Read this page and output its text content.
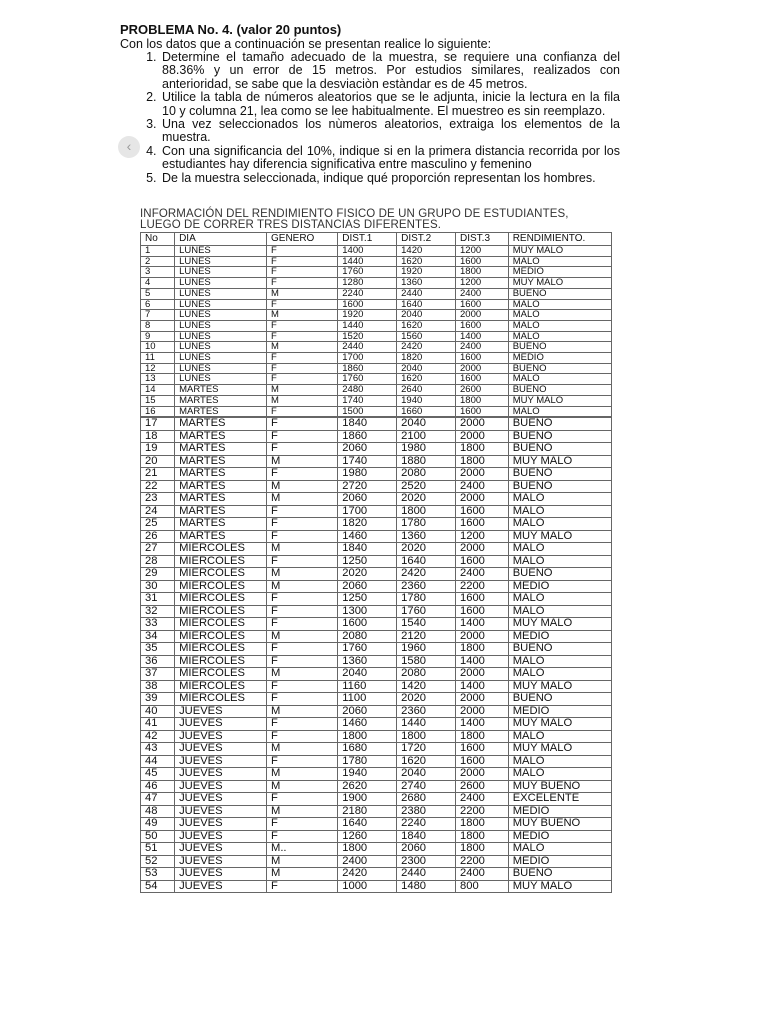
PROBLEMA No. 4. (valor 20 puntos)
Con los datos que a continuación se presentan realice lo siguiente:
1. Determine el tamaño adecuado de la muestra, se requiere una confianza del 88.36% y un error de 15 metros. Por estudios similares, realizados con anterioridad, se sabe que la desviaciòn estàndar es de 45 metros.
2. Utilice la tabla de números aleatorios que se le adjunta, inicie la lectura en la fila 10 y columna 21, lea como se lee habitualmente. El muestreo es sin reemplazo.
3. Una vez seleccionados los nùmeros aleatorios, extraiga los elementos de la muestra.
4. Con una significancia del 10%, indique si en la primera distancia recorrida por los estudiantes hay diferencia significativa entre masculino y femenino
5. De la muestra seleccionada, indique qué proporción representan los hombres.
‹
INFORMACIÓN DEL RENDIMIENTO FISICO DE UN GRUPO DE ESTUDIANTES,
LUEGO DE CORRER TRES DISTANCIAS DIFERENTES.
No	DIA	GENERO	DIST.1	DIST.2	DIST.3	RENDIMIENTO.
1	LUNES	F	1400	1420	1200	MUY MALO
2	LUNES	F	1440	1620	1600	MALO
3	LUNES	F	1760	1920	1800	MEDIO
4	LUNES	F	1280	1360	1200	MUY MALO
5	LUNES	M	2240	2440	2400	BUENO
6	LUNES	F	1600	1640	1600	MALO
7	LUNES	M	1920	2040	2000	MALO
8	LUNES	F	1440	1620	1600	MALO
9	LUNES	F	1520	1560	1400	MALO
10	LUNES	M	2440	2420	2400	BUENO
11	LUNES	F	1700	1820	1600	MEDIO
12	LUNES	F	1860	2040	2000	BUENO
13	LUNES	F	1760	1620	1600	MALO
14	MARTES	M	2480	2640	2600	BUENO
15	MARTES	M	1740	1940	1800	MUY MALO
16	MARTES	F	1500	1660	1600	MALO
17	MARTES	F	1840	2040	2000	BUENO
18	MARTES	F	1860	2100	2000	BUENO
19	MARTES	F	2060	1980	1800	BUENO
20	MARTES	M	1740	1880	1800	MUY MALO
21	MARTES	F	1980	2080	2000	BUENO
22	MARTES	M	2720	2520	2400	BUENO
23	MARTES	M	2060	2020	2000	MALO
24	MARTES	F	1700	1800	1600	MALO
25	MARTES	F	1820	1780	1600	MALO
26	MARTES	F	1460	1360	1200	MUY MALO
27	MIERCOLES	M	1840	2020	2000	MALO
28	MIERCOLES	F	1250	1640	1600	MALO
29	MIERCOLES	M	2020	2420	2400	BUENO
30	MIERCOLES	M	2060	2360	2200	MEDIO
31	MIERCOLES	F	1250	1780	1600	MALO
32	MIERCOLES	F	1300	1760	1600	MALO
33	MIERCOLES	F	1600	1540	1400	MUY MALO
34	MIERCOLES	M	2080	2120	2000	MEDIO
35	MIERCOLES	F	1760	1960	1800	BUENO
36	MIERCOLES	F	1360	1580	1400	MALO
37	MIERCOLES	M	2040	2080	2000	MALO
38	MIERCOLES	F	1160	1420	1400	MUY MALO
39	MIERCOLES	F	1100	2020	2000	BUENO
40	JUEVES	M	2060	2360	2000	MEDIO
41	JUEVES	F	1460	1440	1400	MUY MALO
42	JUEVES	F	1800	1800	1800	MALO
43	JUEVES	M	1680	1720	1600	MUY MALO
44	JUEVES	F	1780	1620	1600	MALO
45	JUEVES	M	1940	2040	2000	MALO
46	JUEVES	M	2620	2740	2600	MUY BUENO
47	JUEVES	F	1900	2680	2400	EXCELENTE
48	JUEVES	M	2180	2380	2200	MEDIO
49	JUEVES	F	1640	2240	1800	MUY BUENO
50	JUEVES	F	1260	1840	1800	MEDIO
51	JUEVES	M..	1800	2060	1800	MALO
52	JUEVES	M	2400	2300	2200	MEDIO
53	JUEVES	M	2420	2440	2400	BUENO
54	JUEVES	F	1000	1480	800	MUY MALO
